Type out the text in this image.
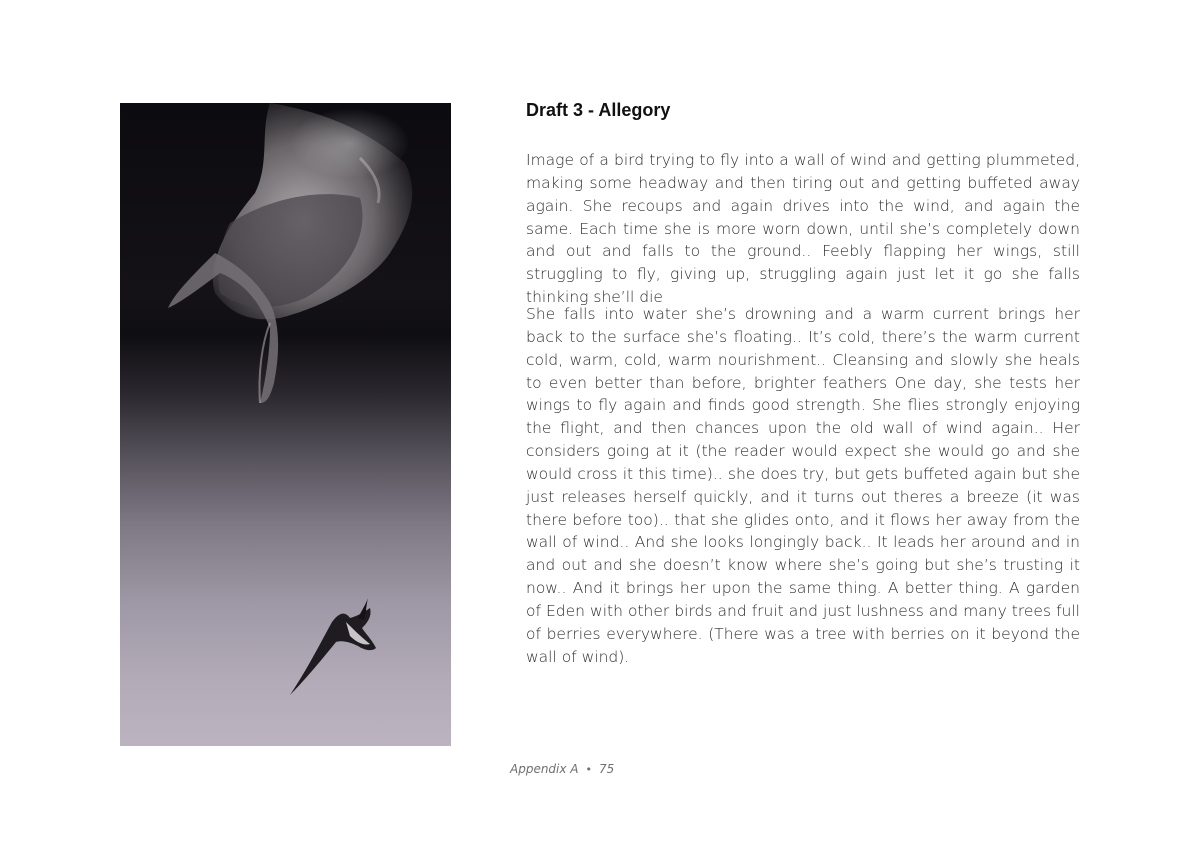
Draft 3 - Allegory

Image of a bird trying to fly into a wall of wind and getting plummeted, making some headway and then tiring out and getting buffeted away again. She recoups and again drives into the wind, and again the same. Each time she is more worn down, until she’s completely down and out and falls to the ground.. Feebly flapping her wings, still struggling to fly, giving up, struggling again just let it go she falls thinking she’ll die

She falls into water she’s drowning and a warm current brings her back to the surface she’s floating.. It’s cold, there’s the warm current cold, warm, cold, warm nourishment.. Cleansing and slowly she heals to even better than before, brighter feathers One day, she tests her wings to fly again and finds good strength. She flies strongly enjoying the flight, and then chances upon the old wall of wind again.. Her considers going at it (the reader would expect she would go and she would cross it this time).. she does try, but gets buffeted again but she just releases herself quickly, and it turns out theres a breeze (it was there before too).. that she glides onto, and it flows her away from the wall of wind.. And she looks longingly back.. It leads her around and in and out and she doesn’t know where she’s going but she’s trusting it now.. And it brings her upon the same thing. A better thing. A garden of Eden with other birds and fruit and just lushness and many trees full of berries everywhere. (There was a tree with berries on it beyond the wall of wind).

Appendix A • 75
